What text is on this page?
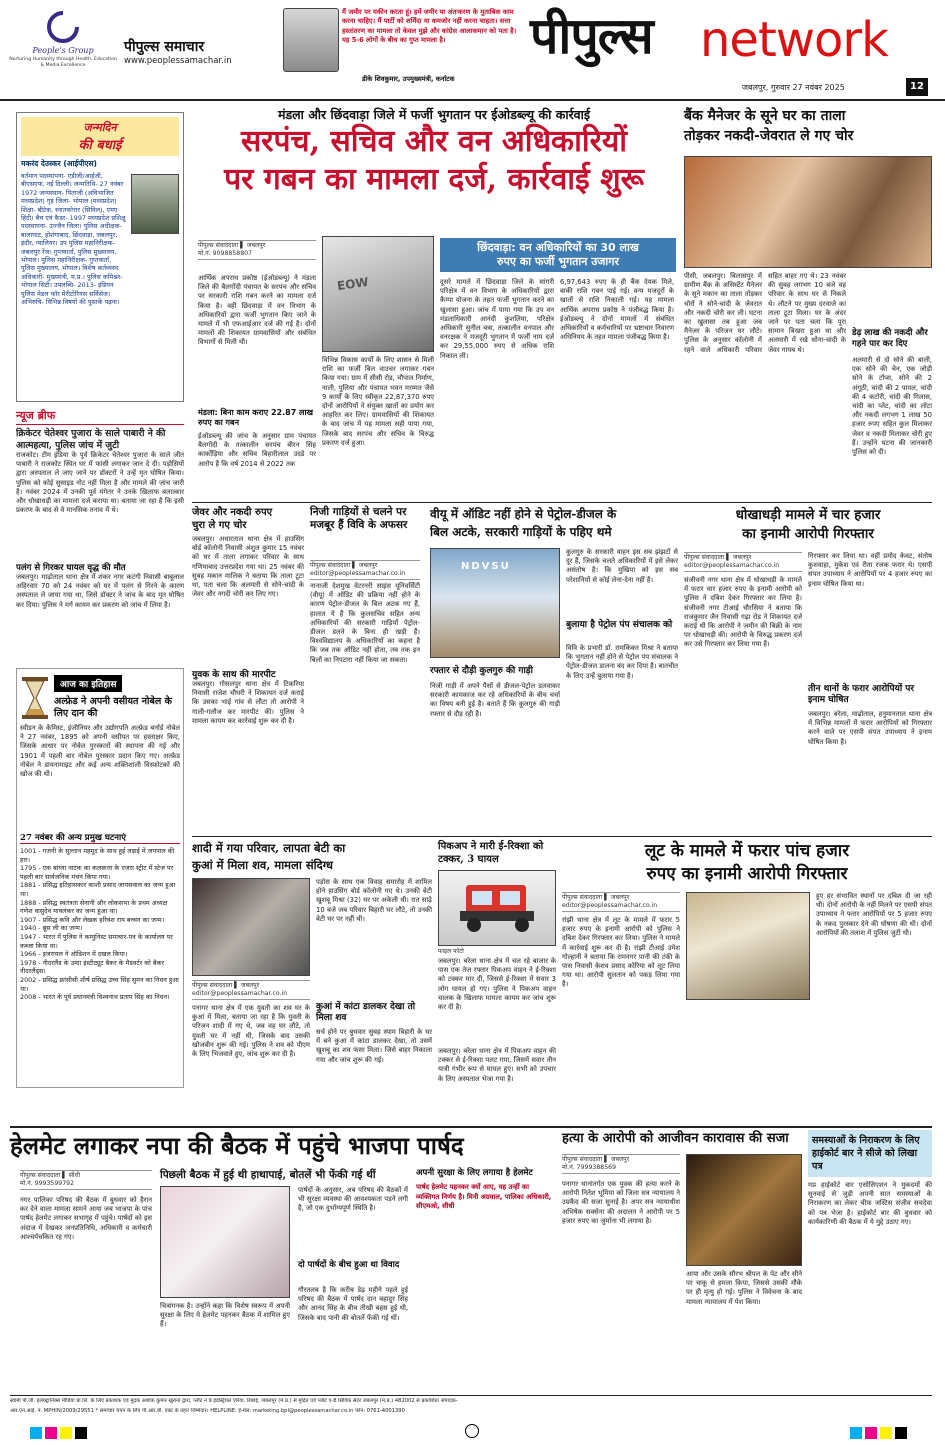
People's Group
Nurturing Humanity through Health, Education & Media Excellence
पीपुल्स समाचार
www.peoplessamachar.in
मैं जमीर पर यकीन करता हूं। हमें जमीर या अंतःकरण के मुताबिक काम करना चाहिए। मैं पार्टी को शर्मिंदा या कमजोर नहीं करना चाहता। सत्ता हस्तांतरण का मामला तो केवल मुझे और कांग्रेस आलाकमान को पता है। यह 5-6 लोगों के बीच का गुप्त मामला है।
डीके शिवकुमार, उपमुख्यमंत्री, कर्नाटक
पीपुल्स network
जबलपुर, गुरुवार 27 नवंबर 2025	12
जन्मदिन
की बधाई
मकरंद देउस्कर (आईपीएस)
वर्तमान पदस्थापना- एडीजी/आईजी, बीएसएफ, नई दिल्ली। जन्मतिथि- 27 नवंबर 1972 जन्मस्थान- पिताजी (अविभाजित मध्यप्रदेश) गृह जिला- भोपाल (मध्यप्रदेश) शिक्षा- बीटेक, स्नातकोत्तर (सिविल), एमए हिंदी। बैच एवं कैडर- 1997 मध्यप्रदेश प्रशिक्षु पदस्थापना- उज्जैन जिला। पुलिस अधीक्षक- बालाघाट, होशंगाबाद, छिंदवाड़ा, जबलपुर, इंदौर, ग्वालियर। उप पुलिस महानिरीक्षक- जबलपुर रेंज। गुप्तवार्ता, पुलिस मुख्यालय, भोपाल। पुलिस महानिरीक्षक- गुप्तवार्ता, पुलिस मुख्यालय, भोपाल। विशेष कर्तव्यस्थ अधिकारी- मुख्यमंत्री, म.प्र.। पुलिस कमिश्नर- भोपाल सिटी। उपलब्धि- 2013- इंडियन पुलिस मेडल फॉर मेरीटोरियस सर्विसेज। अभिरुचि- विभिन्न विषयों की पुस्तकें पढ़ना।
न्यूज ब्रीफ
क्रिकेटर चेतेश्वर पुजारा के साले पाबारी ने की आत्महत्या, पुलिस जांच में जुटी
राजकोट। टीम इंडिया के पूर्व क्रिकेटर चेतेश्वर पुजारा के साले जीत पाबारी ने राजकोट स्थित घर में फांसी लगाकर जान दे दी। पड़ोसियों द्वारा अस्पताल ले जाए जाने पर डॉक्टरों ने उन्हें मृत घोषित किया। पुलिस को कोई सुसाइड नोट नहीं मिला है और मामले की जांच जारी है। नवंबर 2024 में उनकी पूर्व मंगेतर ने उनके खिलाफ बलात्कार और धोखाधड़ी का मामला दर्ज कराया था। बताया जा रहा है कि इसी प्रकरण के बाद से वे मानसिक तनाव में थे।
पलंग से गिरकर घायल वृद्ध की मौत
जबलपुर। माढ़ोताल थाना क्षेत्र में शंकर नगर कटंगी निवासी बाबूलाल अहिरवार 70 को 24 नवंबर को घर में पलंग से गिरने के कारण अस्पताल ले जाया गया था, जिसे डॉक्टर ने जांच के बाद मृत घोषित कर दिया। पुलिस ने मर्ग कायम कर प्रकरण को जांच में लिया है।
आज का इतिहास
अल्फ्रेड ने अपनी वसीयत नोबेल के लिए दान की
स्वीडन के केमिस्ट, इंजीनियर और उद्योगपति अल्फ्रेड बर्नार्ड नोबेल ने 27 नवंबर, 1895 को अपनी वसीयत पर हस्ताक्षर किए, जिसके आधार पर नोबेल पुरस्कारों की स्थापना की गई और 1901 में पहली बार नोबेल पुरस्कार प्रदान किए गए। अल्फ्रेड नोबेल ने डायनामाइट और कई अन्य शक्तिशाली विस्फोटकों की खोज की थी।
27 नवंबर की अन्य प्रमुख घटनाएं
1001 - गजनी के सुल्तान महमूद के साथ हुई लड़ाई में जयपाल की हार।
1795 - एक बांग्ला नाटक का कलकत्ता के एजरा स्ट्रीट में स्टेज पर पहली बार सार्वजनिक मंचन किया गया।
1881 - प्रसिद्ध इतिहासकार काशी प्रसाद जायसवाल का जन्म हुआ था।
1888 - प्रसिद्ध स्वतंत्रता सेनानी और लोकसभा के प्रथम अध्यक्ष गणेश वासुदेव मावलंकर का जन्म हुआ था।
1907 - प्रसिद्ध कवि और लेखक हरिवंश राय बच्चन का जन्म।
1940 - ब्रूस ली का जन्म।
1947 - भारत में पुलिस ने कम्युनिस्ट समाचार-पत्र के कार्यालय पर कब्जा किया था।
1966 - इजरायल ने ऑडिशन में दखल किया।
1978 - नीदरलैंड के उम्दा इंस्टीट्यूट बैकर के मैडवर्टर को बैकर नीदरलैंड्स।
2002 - प्रसिद्ध फ्रांसीसी शीर्ष प्रसिद्ध उच्च सिंह सुमन का निधन हुआ था।
2008 - भारत के पूर्व प्रधानमंत्री विश्वनाथ प्रताप सिंह का निधन।
मंडला और छिंदवाड़ा जिले में फर्जी भुगतान पर ईओडब्ल्यू की कार्रवाई
सरपंच, सचिव और वन अधिकारियों
पर गबन का मामला दर्ज, कार्रवाई शुरू
पीपुल्स संवाददाता ▌ जबलपुर
मो.नं. 9098858807
आर्थिक अपराध प्रकोष्ठ (ईओडब्ल्यू) ने मंडला जिले की बैलगोंदी पंचायत के सरपंच और सचिव पर सरकारी राशि गबन करने का मामला दर्ज किया है। वहीं छिंदवाड़ा में वन विभाग के अधिकारियों द्वारा फर्जी भुगतान किए जाने के मामले में भी एफआईआर दर्ज की गई है। दोनों मामलों की शिकायत ग्रामवासियों और संबंधित विभागों से मिली थी।
मंडला: बिना काम कराए 22.87 लाख रुपए का गबन
ईओडब्ल्यू की जांच के अनुसार ग्राम पंचायत बैलगोंदी के तत्कालीन सरपंच बीरन सिंह कार्कोड़िया और सचिव बिहारीलाल उदडे पर आरोप है कि वर्ष 2014 से 2022 तक
EOW
विभिन्न विकास कार्यों के लिए शासन से मिली राशि का फर्जी बिल वाउचर लगाकर गबन किया गया। ग्राम में सीसी रोड, चौपाल निर्माण, नाली, पुलिया और पंचायत भवन मरम्मत जैसे 9 कार्यों के लिए स्वीकृत 22,87,370 रुपए दोनों आरोपियों ने संयुक्त खातों का प्रयोग कर आहरित कर लिए। ग्रामवासियों की शिकायत के बाद जांच में यह मामला सही पाया गया, जिसके बाद सरपंच और सचिव के विरुद्ध प्रकरण दर्ज हुआ।
छिंदवाड़ा: वन अधिकारियों का 30 लाख
रुपए का फर्जी भुगतान उजागर
दूसरे मामले में छिंदवाड़ा जिले के सांगरी परिक्षेत्र में वन विभाग के अधिकारियों द्वारा कैम्पा योजना के तहत फर्जी भुगतान करने का खुलासा हुआ। जांच में पाया गया कि उप वन मंडलाधिकारी आनंदी कुशलिया, परिक्षेत्र अधिकारी सुनील बत्रा, तत्कालीन वनपाल और वनरक्षक ने मजदूरी भुगतान में फर्जी नाम दर्ज कर 29,55,000 रुपए से अधिक राशि निकाल ली।
6,97,643 रुपए के ही बैंक देयक मिले, बाकी राशि गबन पाई गई। वन्य मजदूरों के खातों से राशि निकाली गई। यह मामला आर्थिक अपराध प्रकोष्ठ ने पंजीबद्ध किया है। ईओडब्ल्यू ने दोनों मामलों में संबंधित अधिकारियों व कर्मचारियों पर भ्रष्टाचार निवारण अधिनियम के तहत मामला पंजीबद्ध किया है।
बैंक मैनेजर के सूने घर का ताला
तोड़कर नकदी-जेवरात ले गए चोर
पीसी, जबलपुर। बिलासपुर में ग्रामीण बैंक के असिस्टेंट मैनेजर के सूने मकान का ताला तोड़कर चोरों ने सोने-चांदी के जेवरात और नकदी चोरी कर ली। घटना का खुलासा तब हुआ जब मैनेजर के परिजन घर लौटे। पुलिस के अनुसार कॉलोनी में रहने वाले अधिकारी परिवार सहित बाहर गए थे। 23 नवंबर की सुबह लगभग 10 बजे वह परिवार के साथ घर से निकले थे। लौटने पर मुख्य दरवाजे का ताला टूटा मिला। घर के अंदर जाने पर पता चला कि पूरा सामान बिखरा हुआ था और अलमारी में रखे सोना-चांदी के जेवर गायब थे।
डेढ़ लाख की नकदी और गहने पार कर दिए
अलमारी से दो सोने की बाली, एक सोने की चेन, एक जोड़ी सोने के टॉप्स, सोने की 2 अंगूठी, चांदी की 2 पायल, चांदी की 4 कटोरी, चांदी की गिलास, चांदी का प्लेट, चांदी का लोटा और नकदी लगभग 1 लाख 50 हजार रुपए सहित कुल मिलाकर जेवर व नकदी मिलाकर चोरी हुए हैं। उन्होंने घटना की जानकारी पुलिस को दी।
जेवर और नकदी रुपए
चुरा ले गए चोर
जबलपुर। अधारताल थाना क्षेत्र में हाउसिंग बोर्ड कॉलोनी निवासी अंशुल कुमार 15 नवंबर को घर में ताला लगाकर परिवार के साथ गणियाबाद उत्तरप्रदेश गया था। 25 नवंबर की सुबह मकान मालिक ने बताया कि ताला टूटा था, पता चला कि अलमारी से सोने-चांदी के जेवर और नगदी चोरी कर लिए गए।
युवक के साथ की मारपीट
जबलपुर। गोसलपुर थाना क्षेत्र में टिकरिया निवासी राजेश चौधरी ने शिकायत दर्ज कराई कि उसका भाई गांव से लौटा तो आरोपी ने गाली-गलौज कर मारपीट की। पुलिस ने मामला कायम कर कार्रवाई शुरू कर दी है।
निजी गाड़ियों से चलने पर मजबूर हैं विवि के अफसर
पीपुल्स संवाददाता ▌ जबलपुर
editor@peoplessamachar.co.in
वीयू में ऑडिट नहीं होने से पेट्रोल-डीजल के
बिल अटके, सरकारी गाड़ियों के पहिए थमे
NDVSU
नानाजी देशमुख वेटरनरी साइंस यूनिवर्सिटी (वीयू) में ऑडिट की प्रक्रिया नहीं होने के कारण पेट्रोल-डीजल के बिल अटक गए हैं, हालात ये हैं कि कुलसचिव सहित अन्य अधिकारियों की सरकारी गाड़ियाँ पेट्रोल-डीजल डलने के बिना ही खड़ी हैं। विश्वविद्यालय के अधिकारियों का कहना है कि जब तक ऑडिट नहीं होता, तब तक इन बिलों का निपटारा नहीं किया जा सकता।
कुलगुरु के सरकारी वाहन इस सब झंझटों से दूर हैं, जिसके चलते अधिकारियों में इसे लेकर असंतोष है। कि मुखिया को इस सब परेशानियों से कोई लेना-देना नहीं है।
बुलाया है पेट्रोल पंप संचालक को
विवि के प्रभारी डॉ. रामकिंकर मिश्रा ने बताया कि भुगतान नहीं होने से पेट्रोल पंप संचालक ने पेट्रोल-डीजल डालना बंद कर दिया है। बातचीत के लिए उन्हें बुलाया गया है।
रफ्तार से दौड़ी कुलगुरु की गाड़ी
निजी गाड़ी में अपने पैसों से डीजल-पेट्रोल डलवाकर सरकारी कामकाज कर रहे अधिकारियों के बीच चर्चा का विषय बनी हुई है। बताते हैं कि कुलगुरु की गाड़ी रफ्तार से दौड़ रही है।
धोखाधड़ी मामले में चार हजार
का इनामी आरोपी गिरफ्तार
पीपुल्स संवाददाता ▌ जबलपुर
editor@peoplessamachar.co.in
संजीवनी नगर थाना क्षेत्र में धोखाधड़ी के मामले में फरार चार हजार रुपए के इनामी आरोपी को पुलिस ने दबिश देकर गिरफ्तार कर लिया है। संजीवनी नगर टीआई चौरसिया ने बताया कि राजकुमार जैन निवासी गढ़ा रोड ने शिकायत दर्ज कराई थी कि आरोपी ने जमीन की बिक्री के नाम पर धोखाधड़ी की। आरोपी के विरुद्ध प्रकरण दर्ज कर उसे गिरफ्तार कर लिया गया है।
गिरफ्तार कर लिया था। वहीं प्रमोद केवट, संतोष कुशवाहा, मुकेश एवं रीता रजक फरार थे। एसपी संपत उपाध्याय ने आरोपियों पर 4 हजार रुपए का इनाम घोषित किया था।
तीन थानों के फरार आरोपियों पर इनाम घोषित
जबलपुर। बरेला, माढ़ोताल, हनुमानताल थाना क्षेत्र में विभिन्न मामलों में फरार आरोपियों को गिरफ्तार करने वाले पर एसपी संपत उपाध्याय ने इनाम घोषित किया है।
शादी में गया परिवार, लापता बेटी का
कुआं में मिला शव, मामला संदिग्ध
पीपुल्स संवाददाता ▌ जबलपुर
editor@peoplessamachar.co.in
पनागर थाना क्षेत्र में एक युवती का शव घर के कुआं में मिला, बताया जा रहा है कि युवती के परिजन शादी में गए थे, जब वह घर लौटे, तो युवती घर में नहीं थी, जिसके बाद उसकी खोजबीन शुरू की गई। पुलिस ने शव को पीएम के लिए भिजवाते हुए, जांच शुरू कर दी है।
पड़ोस के साथ एक विवाह समारोह में शामिल होने हाउसिंग बोर्ड कॉलोनी गए थे। उनकी बेटी खुशबू मिश्रा (32) घर पर अकेली थी। रात साढ़े 10 बजे जब परिवार बिहारी घर लौटे, तो उनकी बेटी घर पर नहीं थी।
कुआं में कांटा डालकर देखा तो मिला शव
सर्च होने पर बुधवार सुबह स्याम बिहारी के घर में बने कुआं में कांटा डालकर देखा, तो उसमें खुशबू का शव फंसा मिला। जिसे बाहर निकाला गया और जांच शुरू की गई।
पिकअप ने मारी ई-रिक्शा को टक्कर, 3 घायल
फाइल फोटो
जबलपुर। बरेला थाना क्षेत्र में चल रहे बाजार के पास एक तेज रफ्तार पिकअप वाहन ने ई-रिक्शा को टक्कर मार दी, जिससे ई-रिक्शा में सवार 3 लोग घायल हो गए। पुलिस ने पिकअप वाहन चालक के खिलाफ मामला कायम कर जांच शुरू कर दी है।
जबलपुर। बरेला थाना क्षेत्र में पिकअप वाहन की टक्कर से ई-रिक्शा पलट गया, जिसमें सवार तीन यात्री गंभीर रूप से घायल हुए। सभी को उपचार के लिए अस्पताल भेजा गया है।
लूट के मामले में फरार पांच हजार
रुपए का इनामी आरोपी गिरफ्तार
पीपुल्स संवाददाता ▌ जबलपुर
editor@peoplessamachar.co.in
रांझी थाना क्षेत्र में लूट के मामले में फरार 5 हजार रुपए के इनामी आरोपी को पुलिस ने दबिश देकर गिरफ्तार कर लिया। पुलिस ने मामले में कार्रवाई शुरू कर दी है। रांझी टीआई उमेश गोल्हानी ने बताया कि रामनगर पानी की टंकी के पास निवासी केशव प्रसाद कोरिया को लूट लिया गया था। आरोपी सुलतान को पकड़ लिया गया है।
हुए हर संभावित स्थानों पर दबिश दी जा रही थी। दोनों आरोपी के नहीं मिलने पर एसपी संपत उपाध्याय ने फरार आरोपियों पर 5 हजार रुपए के नकद पुरस्कार देने की घोषणा की थी। दोनों आरोपियों की तलाश में पुलिस जुटी थी।
हेलमेट लगाकर नपा की बैठक में पहुंचे भाजपा पार्षद
पीपुल्स संवाददाता ▌ सीधी
मो.नं. 9993599792
नगर पालिका परिषद की बैठक में बुधवार को हैरान कर देने वाला मामला सामने आया जब भाजपा के पांच पार्षद हेलमेट लगाकर सभागृह में पहुंचे। पार्षदों को इस अंदाज में देखकर जनप्रतिनिधि, अधिकारी व कर्मचारी आश्चर्यचकित रह गए।
पिछली बैठक में हुई थी हाथापाई, बोतलें भी फेंकी गई थीं
चित्रांगनक है। उन्होंने कहा कि विशेष स्वरूप में अपनी सुरक्षा के लिए ये हेलमेट पहनकर बैठक में शामिल हुए हैं।
पार्षदों के अनुसार, अब परिषद की बैठकों में भी सुरक्षा व्यवस्था की आवश्यकता पड़ने लगी है, जो एक दुर्भाग्यपूर्ण स्थिति है।
दो पार्षदों के बीच हुआ था विवाद
गौरतलब है कि करीब डेढ़ महीने पहले हुई परिषद की बैठक में पार्षद दान बहादुर सिंह और आनंद सिंह के बीच तीखी बहस हुई थी, जिसके बाद पानी की बोतलें फेंकी गई थीं।
अपनी सुरक्षा के लिए लगाया है हेलमेट
पार्षद हेलमेट पहनकर क्यों आए, यह उन्हीं का व्यक्तिगत निर्णय है। मिनी अग्रवाल, पालिका अधिकारी, सीएमओ, सीधी
हत्या के आरोपी को आजीवन कारावास की सजा
पीपुल्स संवाददाता ▌ जबलपुर
मो.नं. 7999388569
पनागर थानांतर्गत एक युवक की हत्या करने के आरोपी नितेश भूमिया को जिला सत्र न्यायालय ने उम्रकैद की सजा सुनाई है। अपर सत्र न्यायाधीश अभिषेक सक्सेना की अदालत ने आरोपी पर 5 हजार रुपए का जुर्माना भी लगाया है।
आया और उसके सौरभ श्रीपल के पेट और सीने पर चाकू से हमला किया, जिससे उसकी मौके पर ही मृत्यु हो गई। पुलिस ने विवेचना के बाद मामला न्यायालय में पेश किया।
समस्याओं के निराकरण के लिए हाईकोर्ट बार ने सीजे को लिखा पत्र
मप्र हाईकोर्ट बार एसोसिएशन ने मुकदमों की सुनवाई से जुड़ी अपनी सात समस्याओं के निराकरण का लेकर चीफ जस्टिस संजीव सचदेवा को पत्र भेजा है। हाईकोर्ट बार की बुधवार को कार्यकारिणी की बैठक में ये मुद्दे उठाए गए।
स्वामी पी.जी. इलेक्ट्रानिक्स मीडिया प्रा.लि. के लिए प्रकाशक एवं मुद्रक अशोक कुमार खुराना द्वारा, प्लॉट नं 9 इंडस्ट्रियल एरिया, रिछाई, जबलपुर (म.प्र.) से मुद्रित एवं प्लॉट ए-8 सिविक सेंटर जबलपुर (म.प्र.) 482002 से प्रकाशित। संपादक-
आर.एन.आई. नं. MPHIN/2009/29551 * समाचार चयन के लिए पी.आर.बी. एक्ट के तहत जिम्मेदार। HELPLINE: ई-मेल: marketing.bpl@peoplessamachar.co.in फोन: 0761-4001390
